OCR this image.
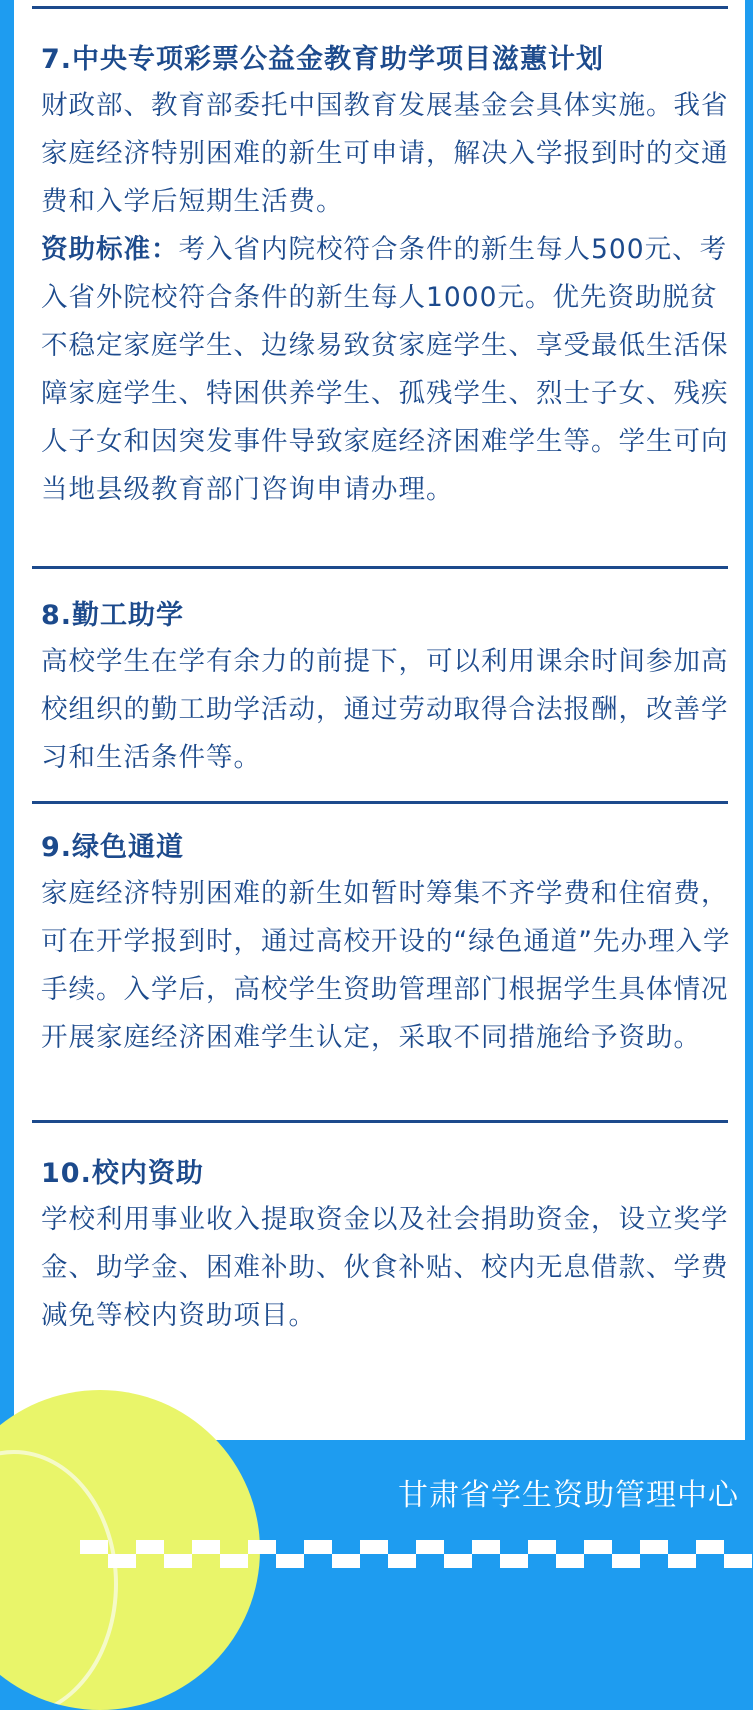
7.中央专项彩票公益金教育助学项目滋蕙计划

财政部、教育部委托中国教育发展基金会具体实施。我省家庭经济特别困难的新生可申请，解决入学报到时的交通费和入学后短期生活费。

资助标准：考入省内院校符合条件的新生每人500元、考入省外院校符合条件的新生每人1000元。优先资助脱贫不稳定家庭学生、边缘易致贫家庭学生、享受最低生活保障家庭学生、特困供养学生、孤残学生、烈士子女、残疾人子女和因突发事件导致家庭经济困难学生等。学生可向当地县级教育部门咨询申请办理。

8.勤工助学

高校学生在学有余力的前提下，可以利用课余时间参加高校组织的勤工助学活动，通过劳动取得合法报酬，改善学习和生活条件等。

9.绿色通道

家庭经济特别困难的新生如暂时筹集不齐学费和住宿费，可在开学报到时，通过高校开设的“绿色通道”先办理入学手续。入学后，高校学生资助管理部门根据学生具体情况开展家庭经济困难学生认定，采取不同措施给予资助。

10.校内资助

学校利用事业收入提取资金以及社会捐助资金，设立奖学金、助学金、困难补助、伙食补贴、校内无息借款、学费减免等校内资助项目。

甘肃省学生资助管理中心
